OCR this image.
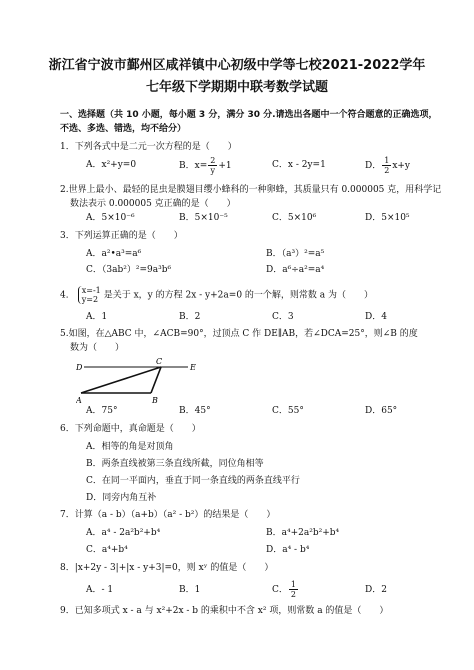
浙江省宁波市鄞州区咸祥镇中心初级中学等七校2021-2022学年
七年级下学期期中联考数学试题
一、选择题（共 10 小题，每小题 3 分，满分 30 分.请选出各题中一个符合题意的正确选项，
不选、多选、错选，均不给分）
1．下列各式中是二元一次方程的是（　　）
A．x²+y=0	B．$x= \frac{2}{y} +1$	C．x - 2y=1	D． $\frac{1}{2} x+y$
2.世界上最小、最轻的昆虫是膜翅目缨小蜂科的一种卵蜂，其质量只有 0.000005 克，用科学记
数法表示 0.000005 克正确的是（　　）
A．5×10⁻⁶	B．5×10⁻⁵	C．5×10⁶	D．5×10⁵
3．下列运算正确的是（　　）
A．a²•a³=a⁶	B．（a³）²=a⁵
C．（3ab²）²=9a³b⁶	D．a⁶÷a²=a⁴
4． x=-1
y=2 是关于 x，y 的方程 2x - y+2a=0 的一个解，则常数 a 为（　　）
A．1	B．2	C．3	D．4
5.如图，在△ABC 中，∠ACB=90°，过顶点 C 作 DE∥AB，若∠DCA=25°，则∠B 的度
数为（　　）
D	E
C
A	B
A．75°	B．45°	C．55°	D．65°
6．下列命题中，真命题是（　　）
A．相等的角是对顶角
B．两条直线被第三条直线所截，同位角相等
C．在同一平面内，垂直于同一条直线的两条直线平行
D．同旁内角互补
7．计算（a - b）（a+b）（a² - b²）的结果是（　　）
A．a⁴ - 2a²b²+b⁴	B．a⁴+2a²b²+b⁴
C．a⁴+b⁴	D．a⁴ - b⁴
8．|x+2y - 3|+|x - y+3|=0，则 xʸ 的值是（　　）
A．- 1	B．1	C． $\frac{1}{2}$	D．2
9．已知多项式 x - a 与 x²+2x - b 的乘积中不含 x² 项，则常数 a 的值是（　　）
